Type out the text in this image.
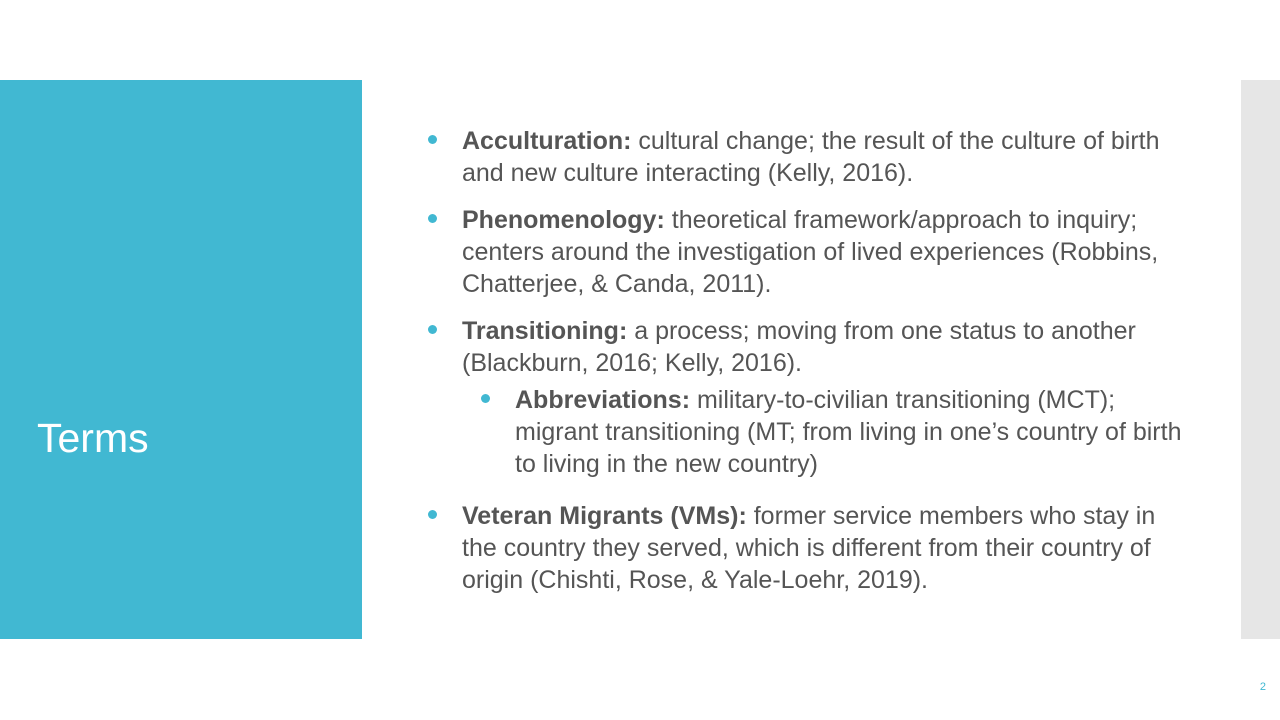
Terms
Acculturation: cultural change; the result of the culture of birth and new culture interacting (Kelly, 2016).
Phenomenology: theoretical framework/approach to inquiry; centers around the investigation of lived experiences (Robbins, Chatterjee, & Canda, 2011).
Transitioning: a process; moving from one status to another (Blackburn, 2016; Kelly, 2016).
Abbreviations: military-to-civilian transitioning (MCT); migrant transitioning (MT; from living in one’s country of birth to living in the new country)
Veteran Migrants (VMs): former service members who stay in the country they served, which is different from their country of origin (Chishti, Rose, & Yale-Loehr, 2019).
2
